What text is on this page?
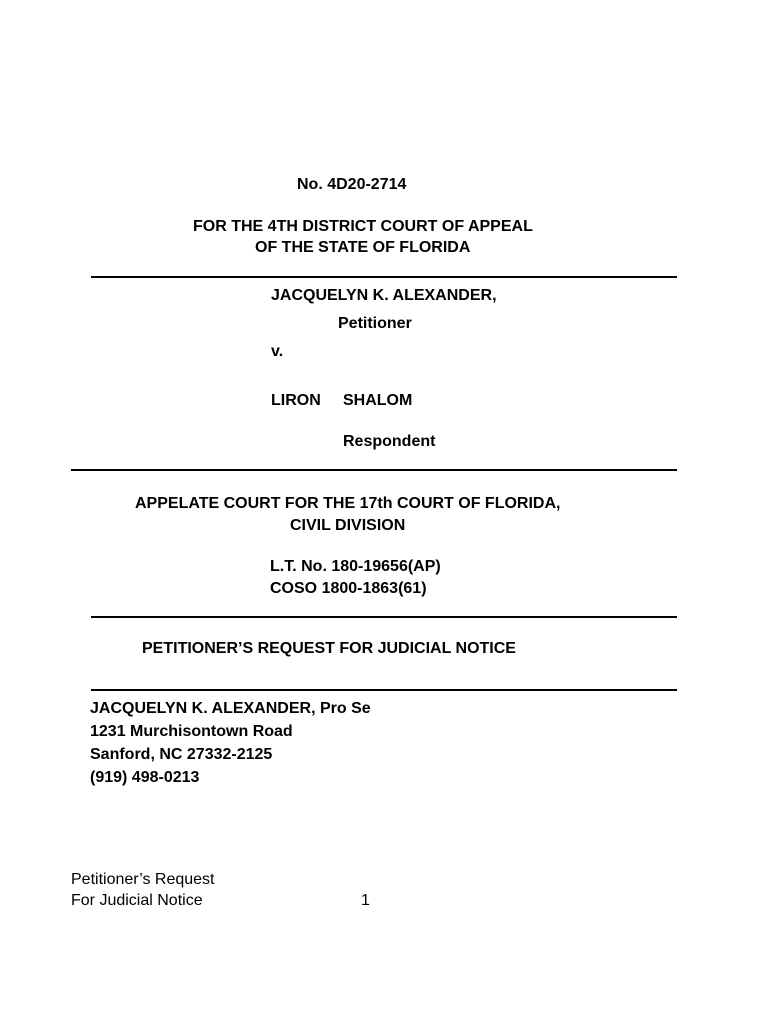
No. 4D20-2714
FOR THE 4TH DISTRICT COURT OF APPEAL
OF THE STATE OF FLORIDA
JACQUELYN K. ALEXANDER,
Petitioner
v.
LIRON SHALOM
Respondent
APPELATE COURT FOR THE 17th COURT OF FLORIDA,
CIVIL DIVISION
L.T. No. 180-19656(AP)
COSO 1800-1863(61)
PETITIONER’S REQUEST FOR JUDICIAL NOTICE
JACQUELYN K. ALEXANDER, Pro Se
1231 Murchisontown Road
Sanford, NC 27332-2125
(919) 498-0213
Petitioner’s Request
For Judicial Notice	1
